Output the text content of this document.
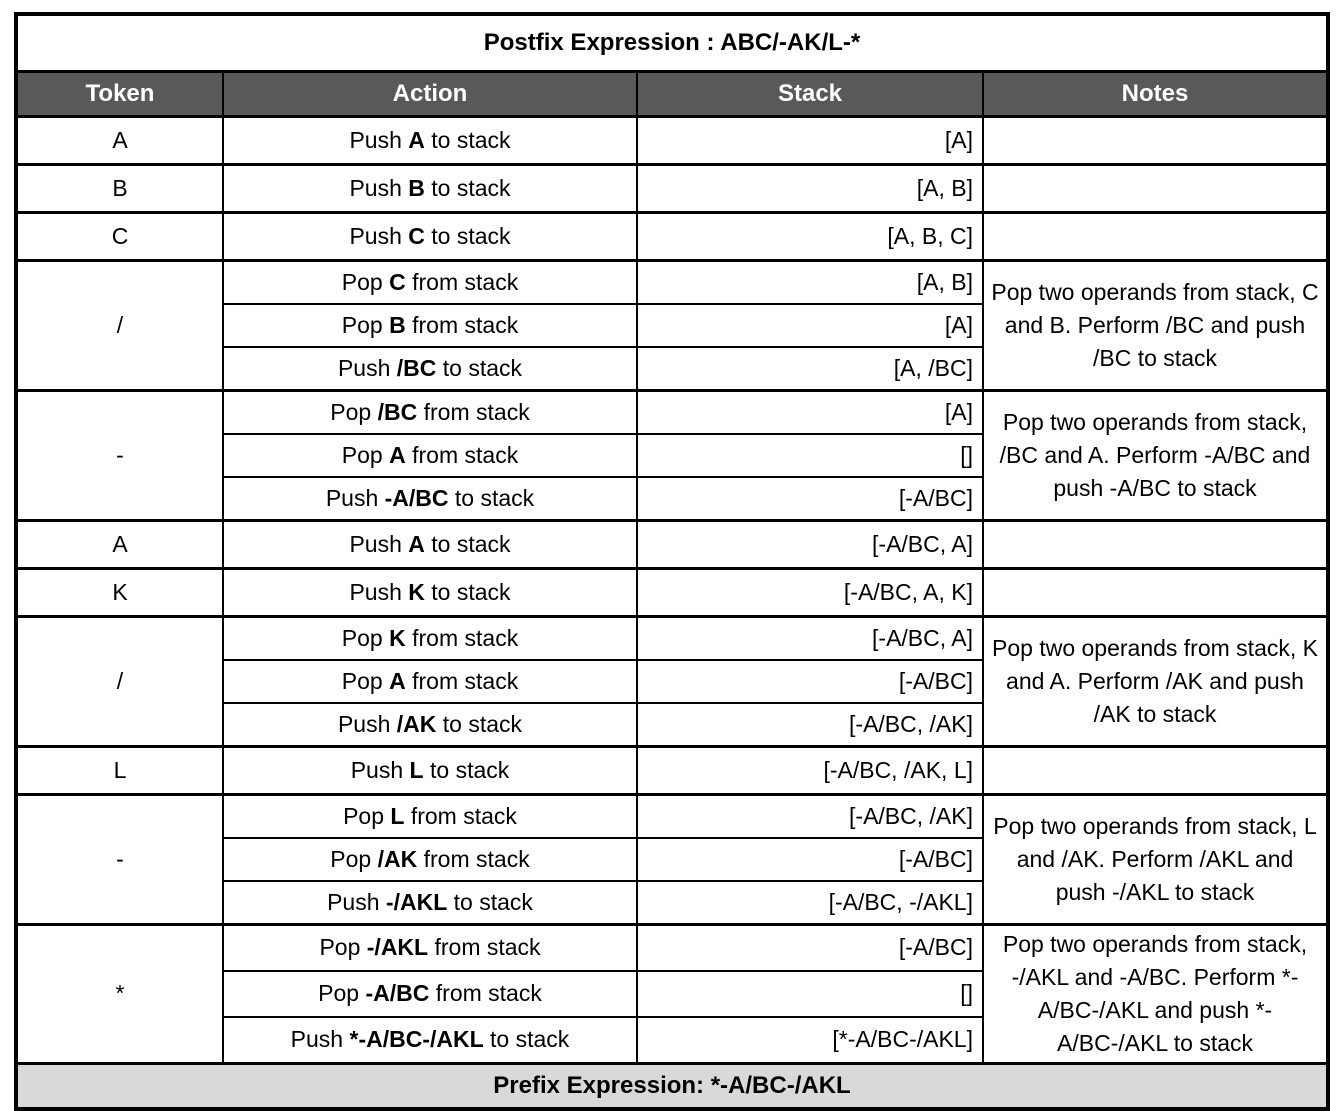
Postfix Expression : ABC/-AK/L-*			
Token	Action	Stack	Notes
A	Push A to stack	[A]	
B	Push B to stack	[A, B]	
C	Push C to stack	[A, B, C]	
/	Pop C from stack	[A, B]	Pop two operands from stack, C and B. Perform /BC and push /BC to stack
	Pop B from stack	[A]	
	Push /BC to stack	[A, /BC]	
-	Pop /BC from stack	[A]	Pop two operands from stack, /BC and A. Perform -A/BC and push -A/BC to stack
	Pop A from stack	[]	
	Push -A/BC to stack	[-A/BC]	
A	Push A to stack	[-A/BC, A]	
K	Push K to stack	[-A/BC, A, K]	
/	Pop K from stack	[-A/BC, A]	Pop two operands from stack, K and A. Perform /AK and push /AK to stack
	Pop A from stack	[-A/BC]	
	Push /AK to stack	[-A/BC, /AK]	
L	Push L to stack	[-A/BC, /AK, L]	
-	Pop L from stack	[-A/BC, /AK]	Pop two operands from stack, L and /AK. Perform /AKL and push -/AKL to stack
	Pop /AK from stack	[-A/BC]	
	Push -/AKL to stack	[-A/BC, -/AKL]	
*	Pop -/AKL from stack	[-A/BC]	Pop two operands from stack, -/AKL and -A/BC. Perform *-A/BC-/AKL and push *-A/BC-/AKL to stack
	Pop -A/BC from stack	[]	
	Push *-A/BC-/AKL to stack	[*-A/BC-/AKL]	
Prefix Expression: *-A/BC-/AKL			
